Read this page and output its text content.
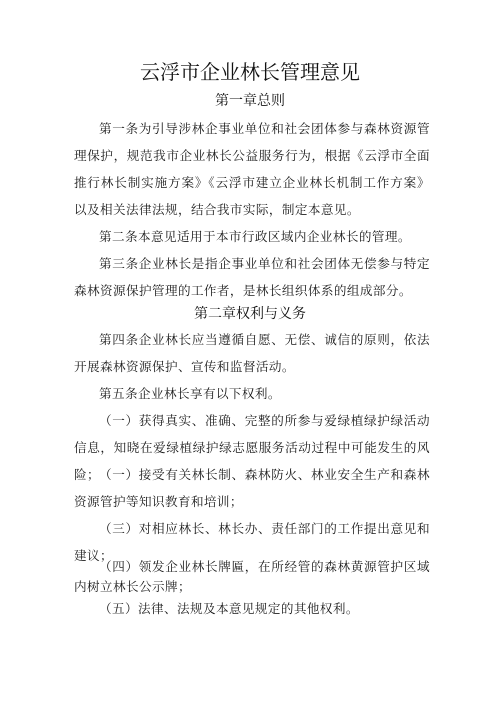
云浮市企业林长管理意见
第一章总则

第一条为引导涉林企事业单位和社会团体参与森林资源管理保护，规范我市企业林长公益服务行为，根据《云浮市全面推行林长制实施方案》《云浮市建立企业林长机制工作方案》以及相关法律法规，结合我市实际，制定本意见。

第二条本意见适用于本市行政区域内企业林长的管理。

第三条企业林长是指企事业单位和社会团体无偿参与特定森林资源保护管理的工作者，是林长组织体系的组成部分。

第二章权利与义务

第四条企业林长应当遵循自愿、无偿、诚信的原则，依法开展森林资源保护、宣传和监督活动。

第五条企业林长享有以下权利。

（一）获得真实、准确、完整的所参与爱绿植绿护绿活动信息，知晓在爱绿植绿护绿志愿服务活动过程中可能发生的风险； （一）接受有关林长制、森林防火、林业安全生产和森林资源管护等知识教育和培训；

（三）对相应林长、林长办、责任部门的工作提出意见和建议；

（四）领发企业林长牌匾，在所经管的森林黄源管护区域内树立林长公示牌；

（五）法律、法规及本意见规定的其他权利。
